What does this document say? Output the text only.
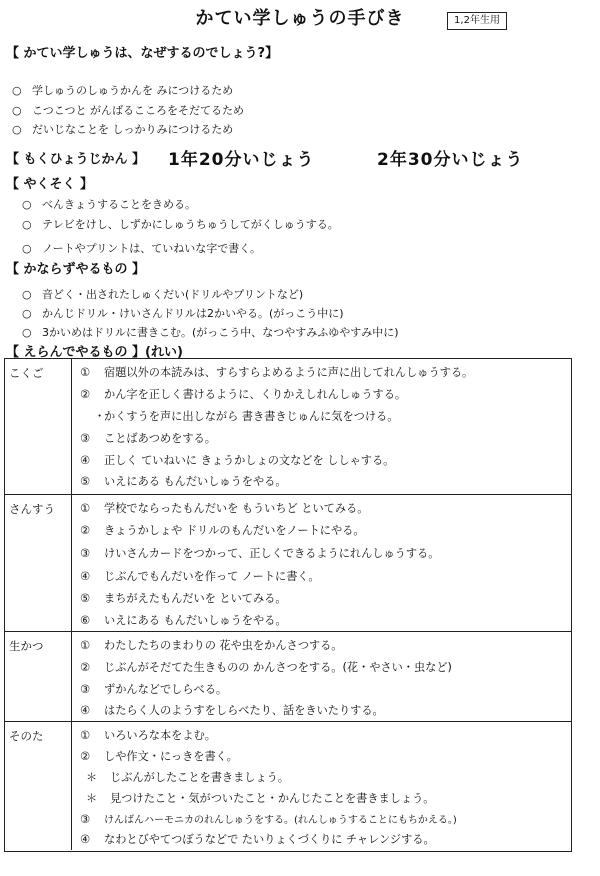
かてい学しゅうの手びき	1,2年生用
【 かてい学しゅうは、なぜするのでしょう?】
○ 学しゅうのしゅうかんを みにつけるため
○ こつこつと がんばるこころをそだてるため
○ だいじなことを しっかりみにつけるため
【 もくひょうじかん 】 1年20分いじょう	2年30分いじょう
【 やくそく 】
○ べんきょうすることをきめる。
○ テレビをけし、しずかにしゅうちゅうしてがくしゅうする。
○ ノートやプリントは、ていねいな字で書く。
【 かならずやるもの 】
○ 音どく・出されたしゅくだい(ドリルやプリントなど)
○ かんじドリル・けいさんドリルは2かいやる。(がっこう中に)
○ 3かいめはドリルに書きこむ。(がっこう中、なつやすみふゆやすみ中に)
【 えらんでやるもの 】(れい)
こくご	① 宿題以外の本読みは、すらすらよめるように声に出してれんしゅうする。
② かん字を正しく書けるように、くりかえしれんしゅうする。
・かくすうを声に出しながら 書き書きじゅんに気をつける。
③ ことばあつめをする。
④ 正しく ていねいに きょうかしょの文などを ししゃする。
⑤ いえにある もんだいしゅうをやる。
さんすう	① 学校でならったもんだいを もういちど といてみる。
② きょうかしょや ドリルのもんだいをノートにやる。
③ けいさんカードをつかって、正しくできるようにれんしゅうする。
④ じぶんでもんだいを作って ノートに書く。
⑤ まちがえたもんだいを といてみる。
⑥ いえにある もんだいしゅうをやる。
生かつ	① わたしたちのまわりの 花や虫をかんさつする。
② じぶんがそだてた生きものの かんさつをする。(花・やさい・虫など)
③ ずかんなどでしらべる。
④ はたらく人のようすをしらべたり、話をきいたりする。
そのた	① いろいろな本をよむ。
② しや作文・にっきを書く。
＊ じぶんがしたことを書きましょう。
＊ 見つけたこと・気がついたこと・かんじたことを書きましょう。
③ けんばんハーモニカのれんしゅうをする。(れんしゅうすることにもちかえる。)
④ なわとびやてつぼうなどで たいりょくづくりに チャレンジする。
